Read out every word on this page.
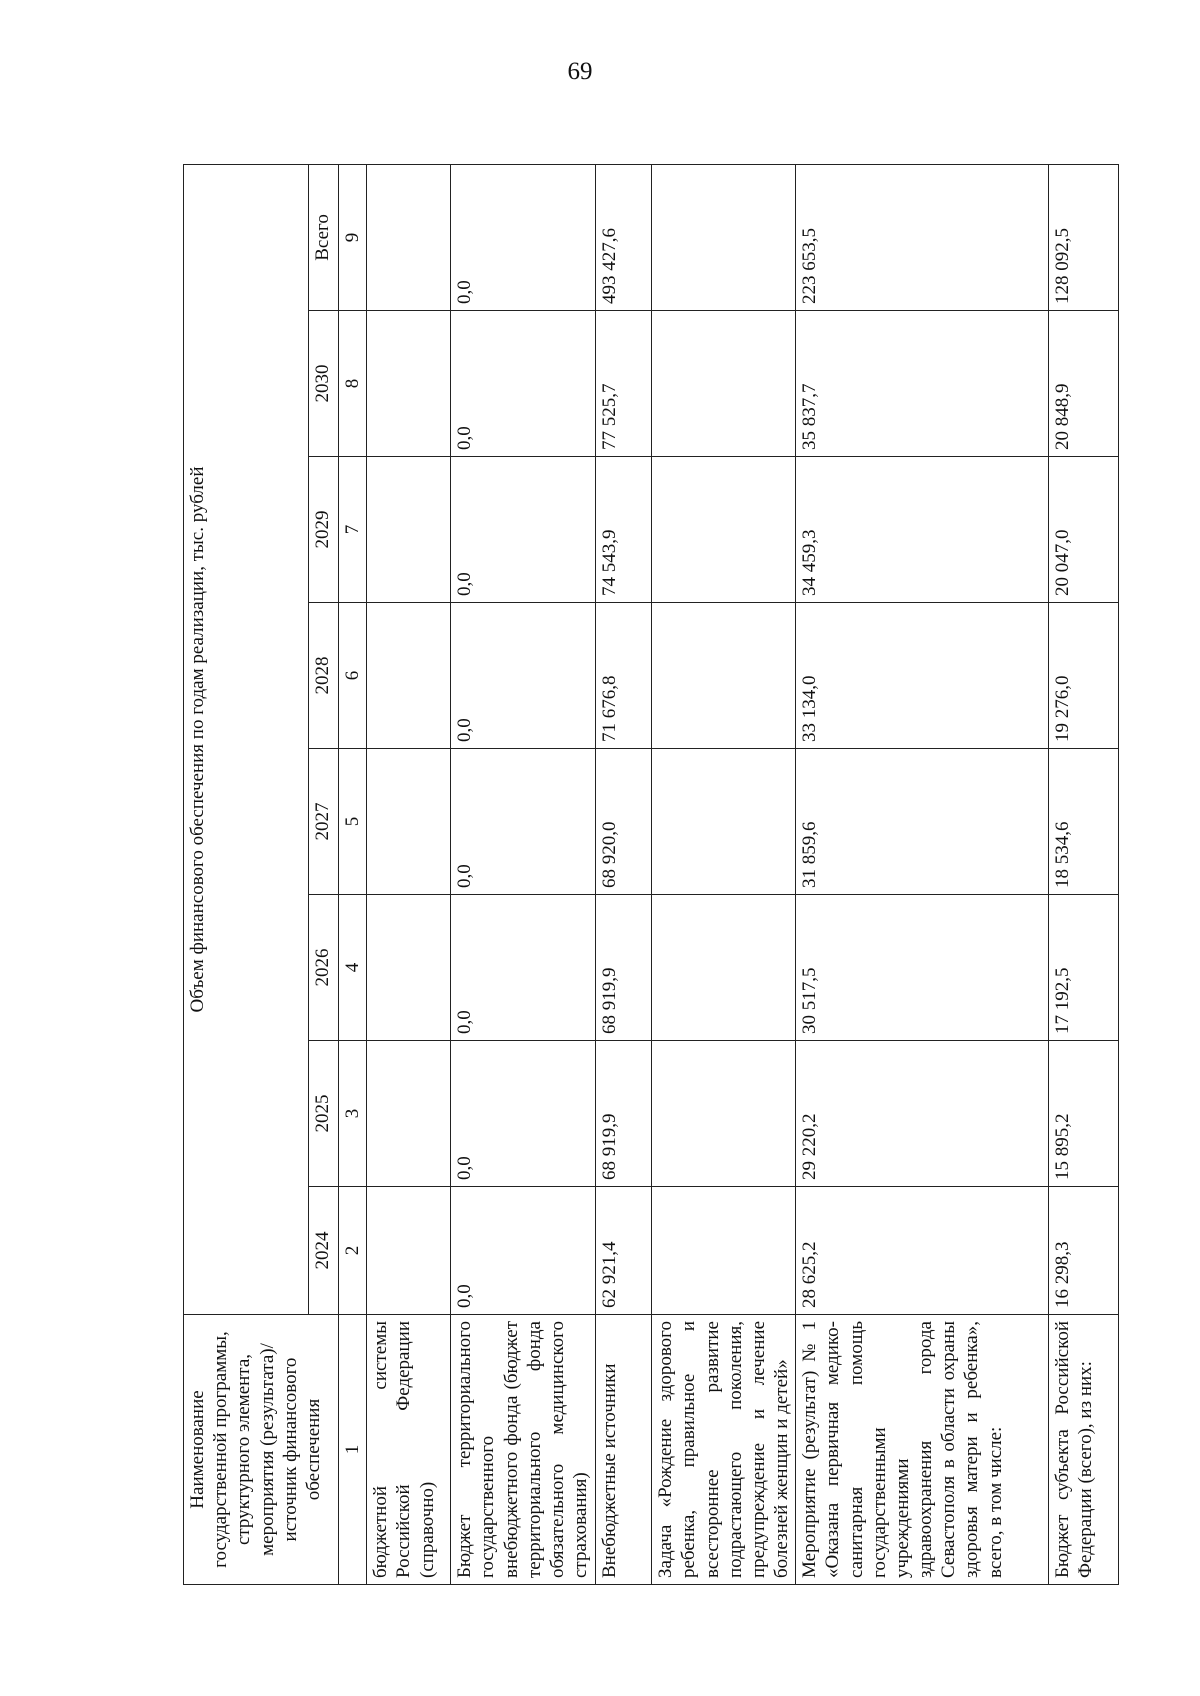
69
Наименование государственной программы, структурного элемента, мероприятия (результата)/источник финансового обеспечения	Объем финансового обеспечения по годам реализации, тыс. рублей							
	2024	2025	2026	2027	2028	2029	2030	Всего
1	2	3	4	5	6	7	8	9
бюджетной системы Российской Федерации (справочно)								
Бюджет территориального государственного внебюджетного фонда (бюджет территориального фонда обязательного медицинского страхования)	0,0	0,0	0,0	0,0	0,0	0,0	0,0	0,0
Внебюджетные источники	62 921,4	68 919,9	68 919,9	68 920,0	71 676,8	74 543,9	77 525,7	493 427,6
Задача «Рождение здорового ребенка, правильное и всестороннее развитие подрастающего поколения, предупреждение и лечение болезней женщин и детей»								
Мероприятие (результат) № 1 «Оказана первичная медико-санитарная помощь государственными учреждениями здравоохранения города Севастополя в области охраны здоровья матери и ребенка», всего, в том числе:	28 625,2	29 220,2	30 517,5	31 859,6	33 134,0	34 459,3	35 837,7	223 653,5
Бюджет субъекта Российской Федерации (всего), из них:	16 298,3	15 895,2	17 192,5	18 534,6	19 276,0	20 047,0	20 848,9	128 092,5
